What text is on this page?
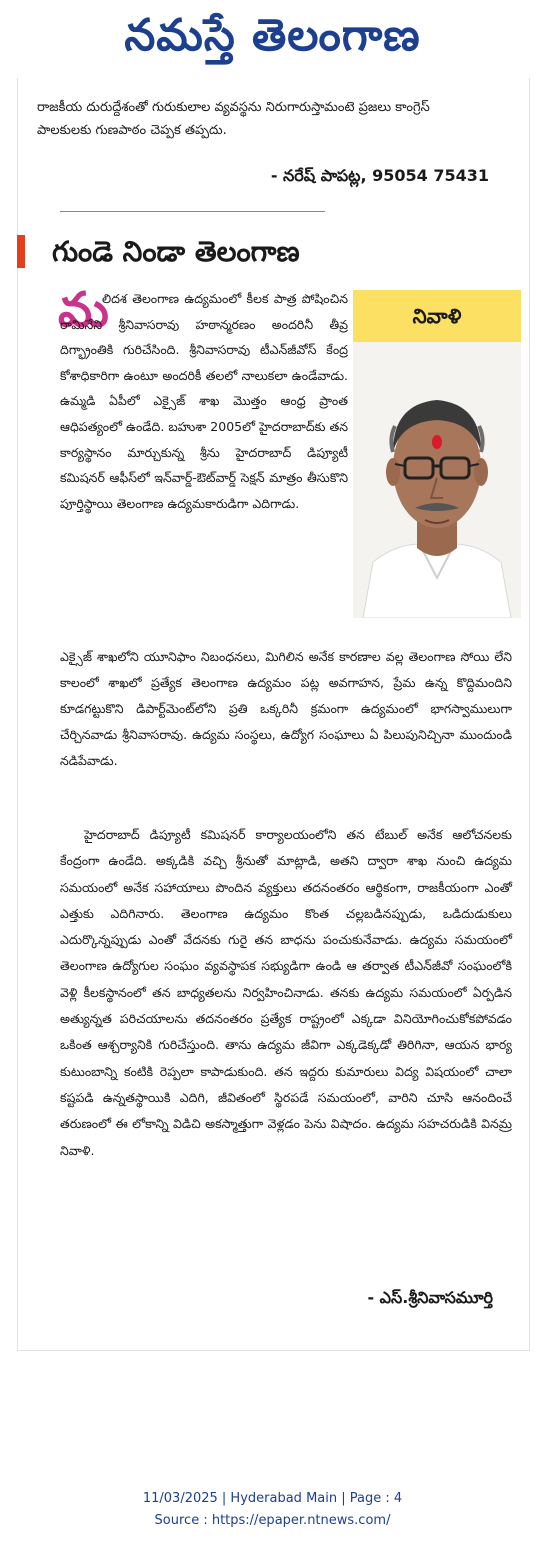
నమస్తే తెలంగాణ
రాజకీయ దురుద్దేశంతో గురుకులాల వ్యవస్థను నిరుగారుస్తామంటె ప్రజలు కాంగ్రెస్ పాలకులకు గుణపాఠం చెప్పక తప్పదు.
- నరేష్ పాపట్ల, 95054 75431
గుండె నిండా తెలంగాణ
మ
లిదశ తెలంగాణ ఉద్యమంలో కీలక పాత్ర పోషించిన రామినేని శ్రీనివాసరావు హఠాన్మరణం అందరినీ తీవ్ర దిగ్భ్రాంతికి గురిచేసింది. శ్రీనివాసరావు టీఎన్‌జీవోస్ కేంద్ర కోశాధికారిగా ఉంటూ అందరికీ తలలో నాలుకలా ఉండేవాడు. ఉమ్మడి ఏపీలో ఎక్సైజ్ శాఖ మొత్తం ఆంధ్ర ప్రాంత ఆధిపత్యంలో ఉండేది. బహుశా 2005లో హైదరాబాద్‌కు తన కార్యస్థానం మార్చుకున్న శ్రీను హైదరాబాద్ డిప్యూటీ కమిషనర్ ఆఫీస్‌లో ఇన్‌వార్డ్-ఔట్‌వార్డ్ సెక్షన్ మాత్రం తీసుకొని పూర్తిస్థాయి తెలంగాణ ఉద్యమకారుడిగా ఎదిగాడు.
నివాళి
ఎక్సైజ్ శాఖలోని యూనిఫాం నిబంధనలు, మిగిలిన అనేక కారణాల వల్ల తెలంగాణ సోయి లేని కాలంలో శాఖలో ప్రత్యేక తెలంగాణ ఉద్యమం పట్ల అవగాహన, ప్రేమ ఉన్న కొద్దిమందిని కూడగట్టుకొని డిపార్ట్‌మెంట్‌లోని ప్రతి ఒక్కరినీ క్రమంగా ఉద్యమంలో భాగస్వాములుగా చేర్చినవాడు శ్రీనివాసరావు. ఉద్యమ సంస్థలు, ఉద్యోగ సంఘాలు ఏ పిలుపునిచ్చినా ముందుండి నడిపేవాడు.
హైదరాబాద్ డిప్యూటీ కమిషనర్ కార్యాలయంలోని తన టేబుల్ అనేక ఆలోచనలకు కేంద్రంగా ఉండేది. అక్కడికి వచ్చి శ్రీనుతో మాట్లాడి, అతని ద్వారా శాఖ నుంచి ఉద్యమ సమయంలో అనేక సహాయాలు పొందిన వ్యక్తులు తదనంతరం ఆర్థికంగా, రాజకీయంగా ఎంతో ఎత్తుకు ఎదిగినారు. తెలంగాణ ఉద్యమం కొంత చల్లబడినప్పుడు, ఒడిదుడుకులు ఎదుర్కొన్నప్పుడు ఎంతో వేదనకు గురై తన బాధను పంచుకునేవాడు. ఉద్యమ సమయంలో తెలంగాణ ఉద్యోగుల సంఘం వ్యవస్థాపక సభ్యుడిగా ఉండి ఆ తర్వాత టీఎన్‌జీవో సంఘంలోకి వెళ్లి కీలకస్థానంలో తన బాధ్యతలను నిర్వహించినాడు. తనకు ఉద్యమ సమయంలో ఏర్పడిన అత్యున్నత పరిచయాలను తదనంతరం ప్రత్యేక రాష్ట్రంలో ఎక్కడా వినియోగించుకోకపోవడం ఒకింత ఆశ్చర్యానికి గురిచేస్తుంది. తాను ఉద్యమ జీవిగా ఎక్కడెక్కడో తిరిగినా, ఆయన భార్య కుటుంబాన్ని కంటికి రెప్పలా కాపాడుకుంది. తన ఇద్దరు కుమారులు విద్య విషయంలో చాలా కష్టపడి ఉన్నతస్థాయికి ఎదిగి, జీవితంలో స్థిరపడే సమయంలో, వారిని చూసి ఆనందించే తరుణంలో ఈ లోకాన్ని విడిచి అకస్మాత్తుగా వెళ్లడం పెను విషాదం. ఉద్యమ సహచరుడికి వినమ్ర నివాళి.
- ఎస్.శ్రీనివాసమూర్తి
11/03/2025 | Hyderabad Main | Page : 4
Source : https://epaper.ntnews.com/
